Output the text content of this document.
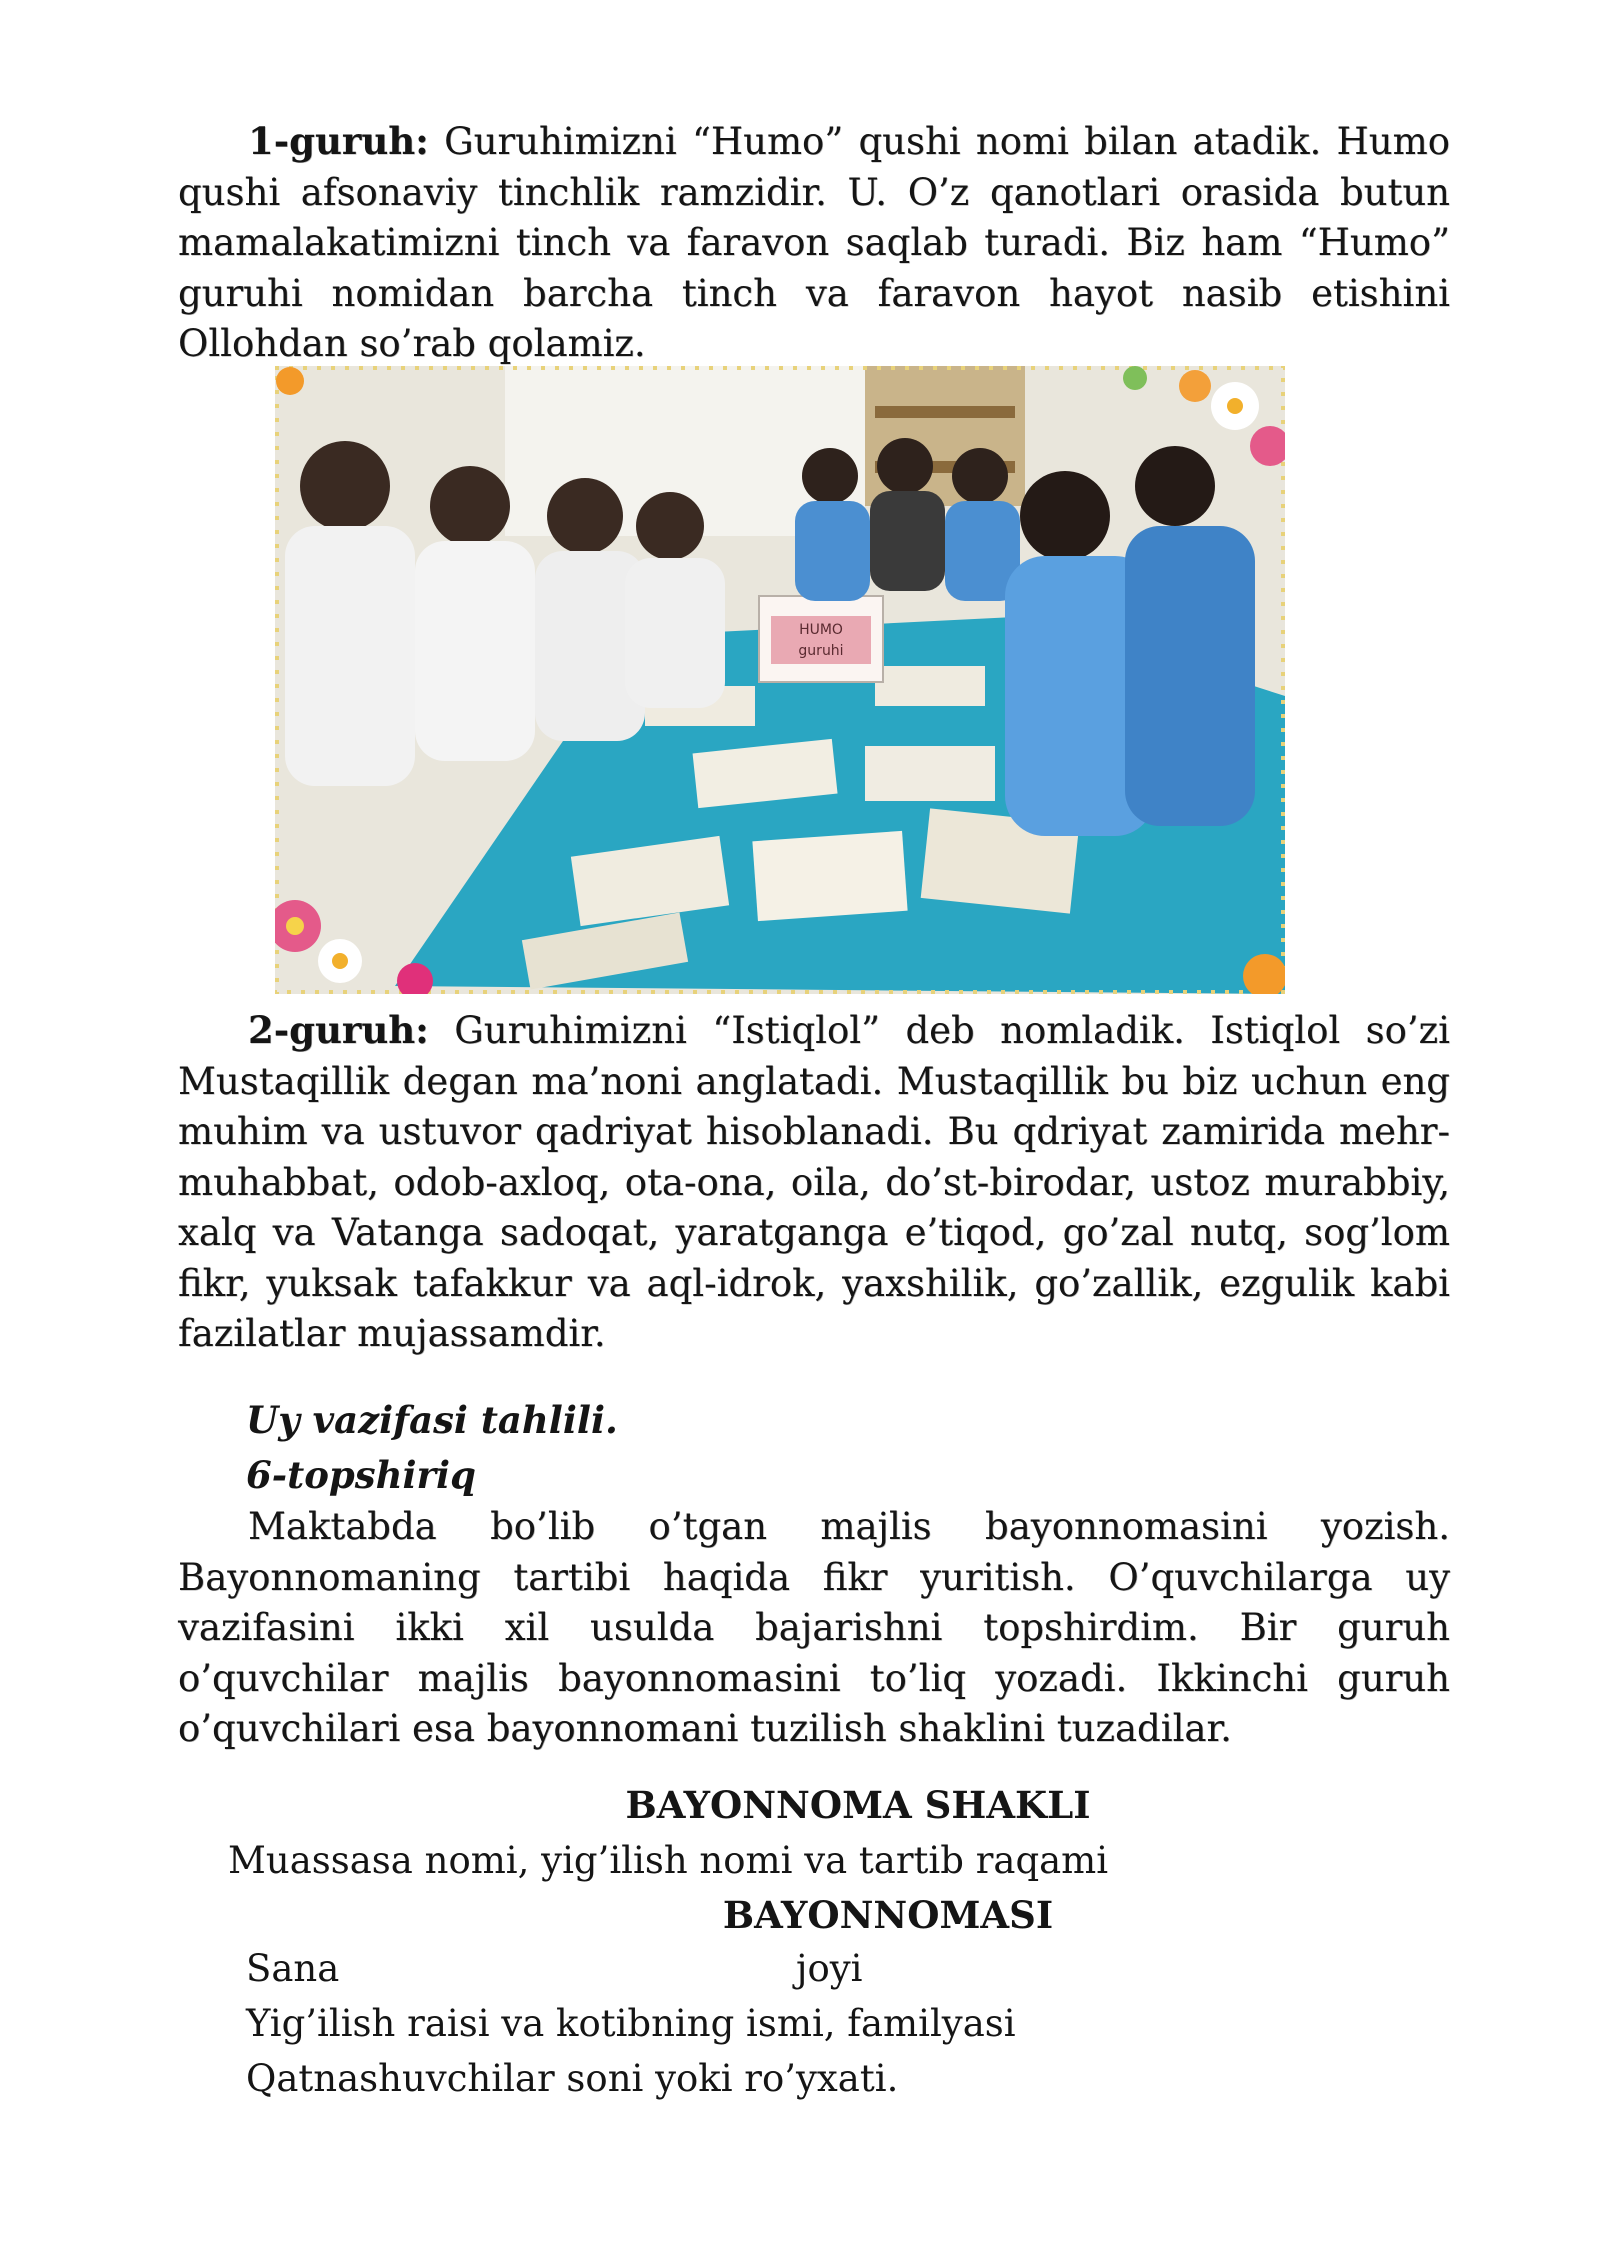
1-guruh: Guruhimizni “Humo” qushi nomi bilan atadik. Humo qushi afsonaviy tinchlik ramzidir. U. O’z qanotlari orasida butun mamalakatimizni tinch va faravon saqlab turadi. Biz ham “Humo” guruhi nomidan barcha tinch va faravon hayot nasib etishini Ollohdan so’rab qolamiz.

HUMO
guruhi

2-guruh: Guruhimizni “Istiqlol” deb nomladik. Istiqlol so’zi Mustaqillik degan ma’noni anglatadi. Mustaqillik bu biz uchun eng muhim va ustuvor qadriyat hisoblanadi. Bu qdriyat zamirida mehr-muhabbat, odob-axloq, ota-ona, oila, do’st-birodar, ustoz murabbiy, xalq va Vatanga sadoqat, yaratganga e’tiqod, go’zal nutq, sog’lom fikr, yuksak tafakkur va aql-idrok, yaxshilik, go’zallik, ezgulik kabi fazilatlar mujassamdir.

Uy vazifasi tahlili.
6-topshiriq

Maktabda bo’lib o’tgan majlis bayonnomasini yozish. Bayonnomaning tartibi haqida fikr yuritish. O’quvchilarga uy vazifasini ikki xil usulda bajarishni topshirdim. Bir guruh o’quvchilar majlis bayonnomasini to’liq yozadi. Ikkinchi guruh o’quvchilari esa bayonnomani tuzilish shaklini tuzadilar.

BAYONNOMA SHAKLI
Muassasa nomi, yig’ilish nomi va tartib raqami
BAYONNOMASI
Sana	joyi
Yig’ilish raisi va kotibning ismi, familyasi
Qatnashuvchilar soni yoki ro’yxati.
